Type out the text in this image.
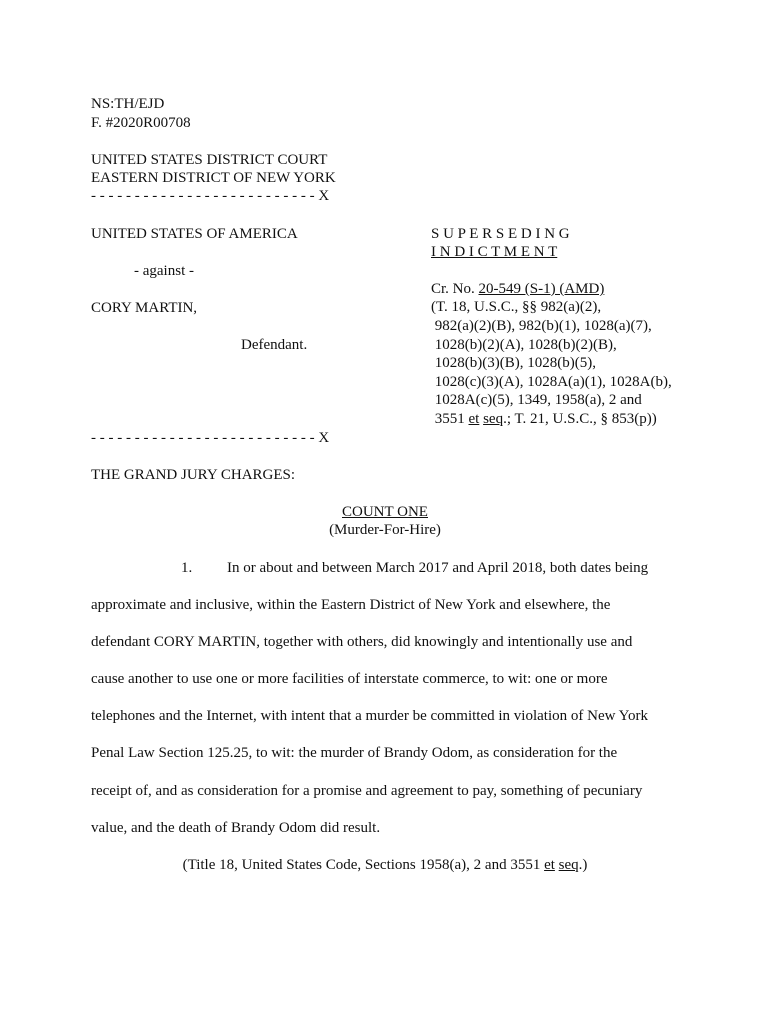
NS:TH/EJD
F. #2020R00708
UNITED STATES DISTRICT COURT
EASTERN DISTRICT OF NEW YORK
- - - - - - - - - - - - - - - - - - - - - - - - - - X
UNITED STATES OF AMERICA
- against -
CORY MARTIN,
Defendant.
S U P E R S E D I N G
I N D I C T M E N T
Cr. No. 20-549 (S-1) (AMD)
(T. 18, U.S.C., §§ 982(a)(2),
982(a)(2)(B), 982(b)(1), 1028(a)(7),
1028(b)(2)(A), 1028(b)(2)(B),
1028(b)(3)(B), 1028(b)(5),
1028(c)(3)(A), 1028A(a)(1), 1028A(b),
1028A(c)(5), 1349, 1958(a), 2 and
3551 et seq.; T. 21, U.S.C., § 853(p))
- - - - - - - - - - - - - - - - - - - - - - - - - - X
THE GRAND JURY CHARGES:
COUNT ONE
(Murder-For-Hire)
1. In or about and between March 2017 and April 2018, both dates being
approximate and inclusive, within the Eastern District of New York and elsewhere, the
defendant CORY MARTIN, together with others, did knowingly and intentionally use and
cause another to use one or more facilities of interstate commerce, to wit: one or more
telephones and the Internet, with intent that a murder be committed in violation of New York
Penal Law Section 125.25, to wit: the murder of Brandy Odom, as consideration for the
receipt of, and as consideration for a promise and agreement to pay, something of pecuniary
value, and the death of Brandy Odom did result.
(Title 18, United States Code, Sections 1958(a), 2 and 3551 et seq.)
